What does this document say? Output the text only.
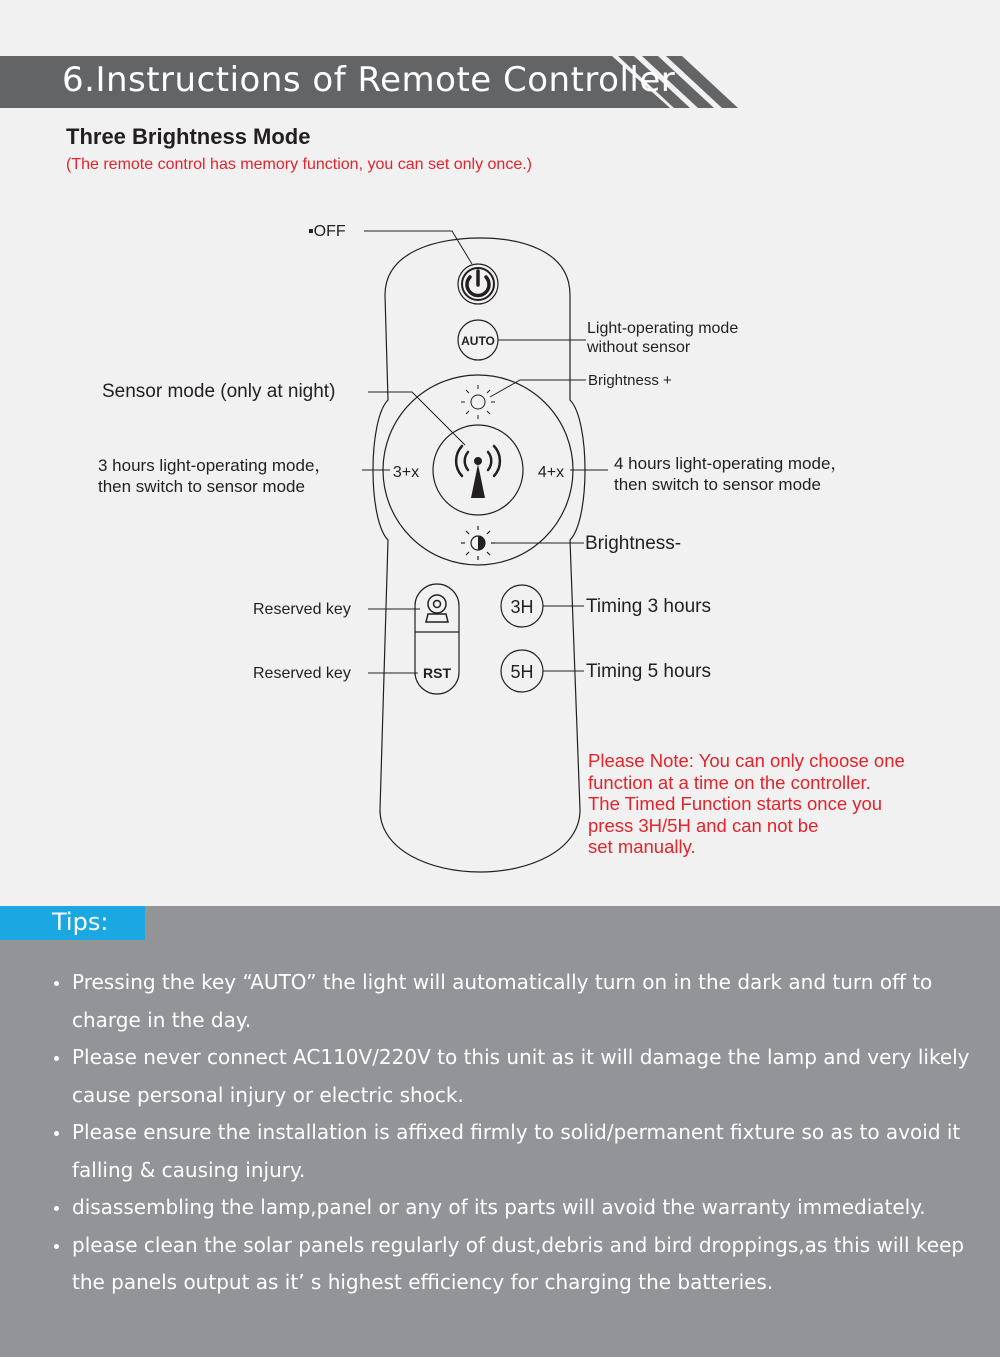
6.Instructions of Remote Controller
Three Brightness Mode
(The remote control has memory function, you can set only once.)
AUTO
3+x	4+x
RST
3H
5H
▪OFF
Light-operating mode
without sensor
Brightness +
Sensor mode (only at night)
3 hours light-operating mode，
then switch to sensor mode
4 hours light-operating mode，
then switch to sensor mode
Brightness-
Reserved key	Timing 3 hours
Reserved key	Timing 5 hours
Please Note: You can only choose one
function at a time on the controller.
The Timed Function starts once you
press 3H/5H and can not be
set manually.
Tips:
Pressing the key “AUTO” the light will automatically turn on in the dark and turn off to charge in the day.
Please never connect AC110V/220V to this unit as it will damage the lamp and very likely cause personal injury or electric shock.
Please ensure the installation is affixed firmly to solid/permanent fixture so as to avoid it falling & causing injury.
disassembling the lamp,panel or any of its parts will avoid the warranty immediately.
please clean the solar panels regularly of dust,debris and bird droppings,as this will keep the panels output as it’ s highest efficiency for charging the batteries.
